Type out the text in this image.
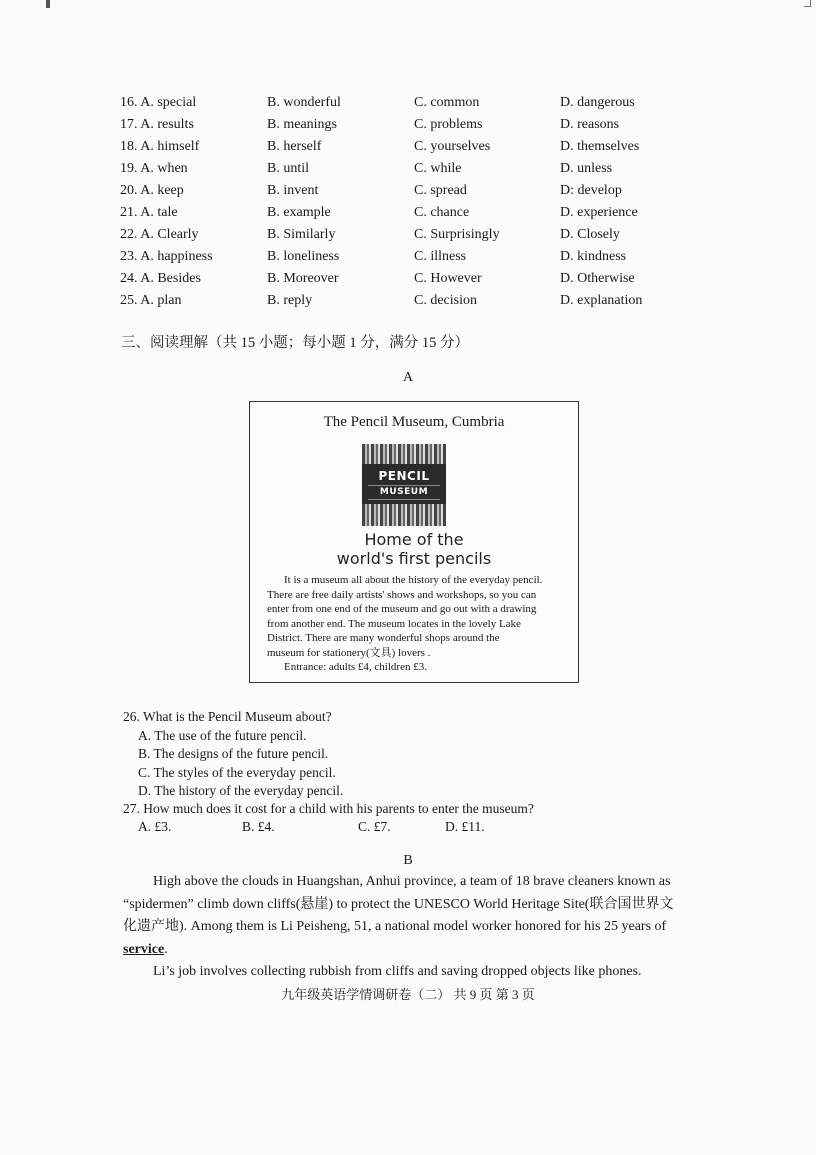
16. A. special	B. wonderful	C. common	D. dangerous
17. A. results	B. meanings	C. problems	D. reasons
18. A. himself	B. herself	C. yourselves	D. themselves
19. A. when	B. until	C. while	D. unless
20. A. keep	B. invent	C. spread	D: develop
21. A. tale	B. example	C. chance	D. experience
22. A. Clearly	B. Similarly	C. Surprisingly	D. Closely
23. A. happiness	B. loneliness	C. illness	D. kindness
24. A. Besides	B. Moreover	C. However	D. Otherwise
25. A. plan	B. reply	C. decision	D. explanation
三、阅读理解（共 15 小题；每小题 1 分，满分 15 分）
A
The Pencil Museum, Cumbria
PENCIL
MUSEUM
Home of the
world's first pencils

It is a museum all about the history of the everyday pencil.

There are free daily artists' shows and workshops, so you can
enter from one end of the museum and go out with a drawing
from another end. The museum locates in the lovely Lake
District. There are many wonderful shops around the
museum for stationery(文具) lovers .
Entrance: adults £4, children £3.
26. What is the Pencil Museum about?
A. The use of the future pencil.
B. The designs of the future pencil.
C. The styles of the everyday pencil.
D. The history of the everyday pencil.
27. How much does it cost for a child with his parents to enter the museum?
A. £3.	B. £4.	C. £7.	D. £11.
B
High above the clouds in Huangshan, Anhui province, a team of 18 brave cleaners known as
“spidermen” climb down cliffs(悬崖) to protect the UNESCO World Heritage Site(联合国世界文
化遗产地). Among them is Li Peisheng, 51, a national model worker honored for his 25 years of
service.
Li’s job involves collecting rubbish from cliffs and saving dropped objects like phones.
九年级英语学情调研卷（二） 共 9 页 第 3 页
